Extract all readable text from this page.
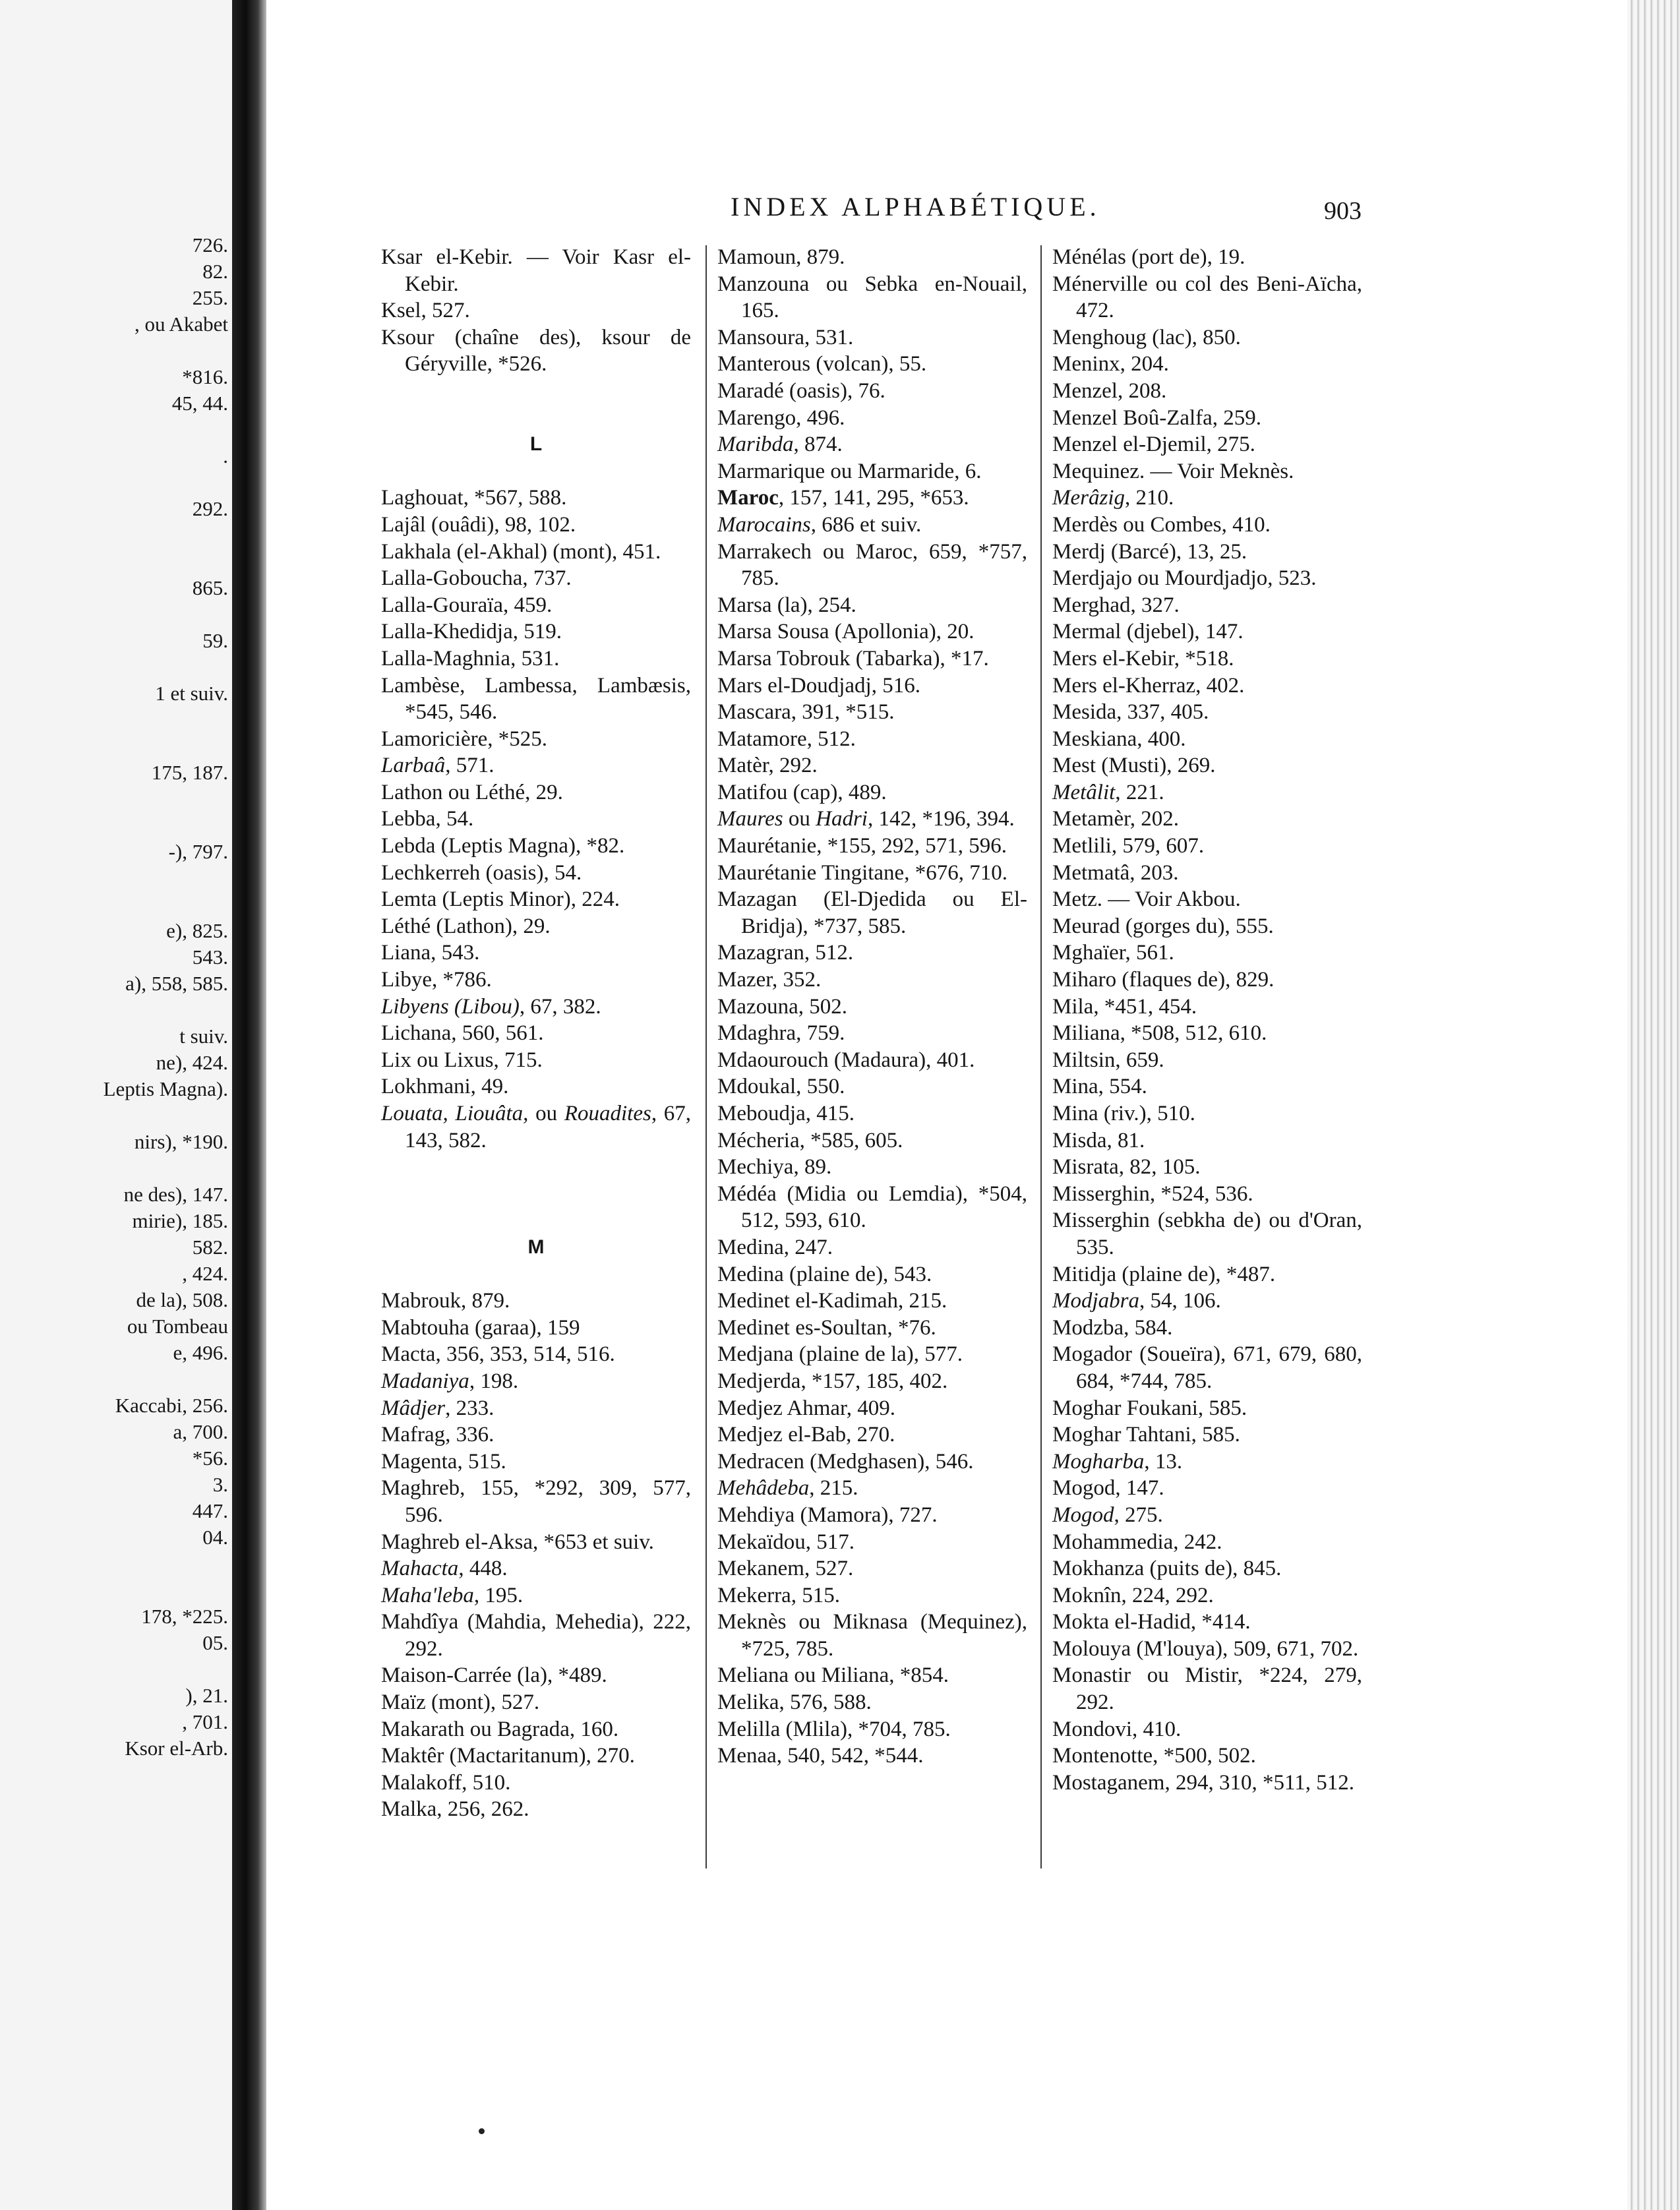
726.
82.
255.
, ou Akabet
*816.
45, 44.
.
292.
865.
59.
1 et suiv.
175, 187.
-), 797.
e), 825.
543.
a), 558, 585.
t suiv.
ne), 424.
Leptis Magna).
nirs), *190.
ne des), 147.
mirie), 185.
582.
, 424.
de la), 508.
ou Tombeau
e, 496.
Kaccabi, 256.
a, 700.
*56.
3.
447.
04.
178, *225.
05.
), 21.
, 701.
Ksor el-Arb.
INDEX ALPHABÉTIQUE.	903
Ksar el-Kebir. — Voir Kasr el-Kebir.
Ksel, 527.
Ksour (chaîne des), ksour de Géryville, *526.
L
Laghouat, *567, 588.
Lajâl (ouâdi), 98, 102.
Lakhala (el-Akhal) (mont), 451.
Lalla-Goboucha, 737.
Lalla-Gouraïa, 459.
Lalla-Khedidja, 519.
Lalla-Maghnia, 531.
Lambèse, Lambessa, Lambæsis, *545, 546.
Lamoricière, *525.
Larbaâ, 571.
Lathon ou Léthé, 29.
Lebba, 54.
Lebda (Leptis Magna), *82.
Lechkerreh (oasis), 54.
Lemta (Leptis Minor), 224.
Léthé (Lathon), 29.
Liana, 543.
Libye, *786.
Libyens (Libou), 67, 382.
Lichana, 560, 561.
Lix ou Lixus, 715.
Lokhmani, 49.
Louata, Liouâta, ou Rouadites, 67, 143, 582.
M
Mabrouk, 879.
Mabtouha (garaa), 159
Macta, 356, 353, 514, 516.
Madaniya, 198.
Mâdjer, 233.
Mafrag, 336.
Magenta, 515.
Maghreb, 155, *292, 309, 577, 596.
Maghreb el-Aksa, *653 et suiv.
Mahacta, 448.
Maha'leba, 195.
Mahdîya (Mahdia, Mehedia), 222, 292.
Maison-Carrée (la), *489.
Maïz (mont), 527.
Makarath ou Bagrada, 160.
Maktêr (Mactaritanum), 270.
Malakoff, 510.
Malka, 256, 262.
Mamoun, 879.
Manzouna ou Sebka en-Nouail, 165.
Mansoura, 531.
Manterous (volcan), 55.
Maradé (oasis), 76.
Marengo, 496.
Maribda, 874.
Marmarique ou Marmaride, 6.
Maroc, 157, 141, 295, *653.
Marocains, 686 et suiv.
Marrakech ou Maroc, 659, *757, 785.
Marsa (la), 254.
Marsa Sousa (Apollonia), 20.
Marsa Tobrouk (Tabarka), *17.
Mars el-Doudjadj, 516.
Mascara, 391, *515.
Matamore, 512.
Matèr, 292.
Matifou (cap), 489.
Maures ou Hadri, 142, *196, 394.
Maurétanie, *155, 292, 571, 596.
Maurétanie Tingitane, *676, 710.
Mazagan (El-Djedida ou El-Bridja), *737, 585.
Mazagran, 512.
Mazer, 352.
Mazouna, 502.
Mdaghra, 759.
Mdaourouch (Madaura), 401.
Mdoukal, 550.
Meboudja, 415.
Mécheria, *585, 605.
Mechiya, 89.
Médéa (Midia ou Lemdia), *504, 512, 593, 610.
Medina, 247.
Medina (plaine de), 543.
Medinet el-Kadimah, 215.
Medinet es-Soultan, *76.
Medjana (plaine de la), 577.
Medjerda, *157, 185, 402.
Medjez Ahmar, 409.
Medjez el-Bab, 270.
Medracen (Medghasen), 546.
Mehâdeba, 215.
Mehdiya (Mamora), 727.
Mekaïdou, 517.
Mekanem, 527.
Mekerra, 515.
Meknès ou Miknasa (Mequinez), *725, 785.
Meliana ou Miliana, *854.
Melika, 576, 588.
Melilla (Mlila), *704, 785.
Menaa, 540, 542, *544.
Ménélas (port de), 19.
Ménerville ou col des Beni-Aïcha, 472.
Menghoug (lac), 850.
Meninx, 204.
Menzel, 208.
Menzel Boû-Zalfa, 259.
Menzel el-Djemil, 275.
Mequinez. — Voir Meknès.
Merâzig, 210.
Merdès ou Combes, 410.
Merdj (Barcé), 13, 25.
Merdjajo ou Mourdjadjo, 523.
Merghad, 327.
Mermal (djebel), 147.
Mers el-Kebir, *518.
Mers el-Kherraz, 402.
Mesida, 337, 405.
Meskiana, 400.
Mest (Musti), 269.
Metâlit, 221.
Metamèr, 202.
Metlili, 579, 607.
Metmatâ, 203.
Metz. — Voir Akbou.
Meurad (gorges du), 555.
Mghaïer, 561.
Miharo (flaques de), 829.
Mila, *451, 454.
Miliana, *508, 512, 610.
Miltsin, 659.
Mina, 554.
Mina (riv.), 510.
Misda, 81.
Misrata, 82, 105.
Misserghin, *524, 536.
Misserghin (sebkha de) ou d'Oran, 535.
Mitidja (plaine de), *487.
Modjabra, 54, 106.
Modzba, 584.
Mogador (Soueïra), 671, 679, 680, 684, *744, 785.
Moghar Foukani, 585.
Moghar Tahtani, 585.
Mogharba, 13.
Mogod, 147.
Mogod, 275.
Mohammedia, 242.
Mokhanza (puits de), 845.
Moknîn, 224, 292.
Mokta el-Hadid, *414.
Molouya (M'louya), 509, 671, 702.
Monastir ou Mistir, *224, 279, 292.
Mondovi, 410.
Montenotte, *500, 502.
Mostaganem, 294, 310, *511, 512.
